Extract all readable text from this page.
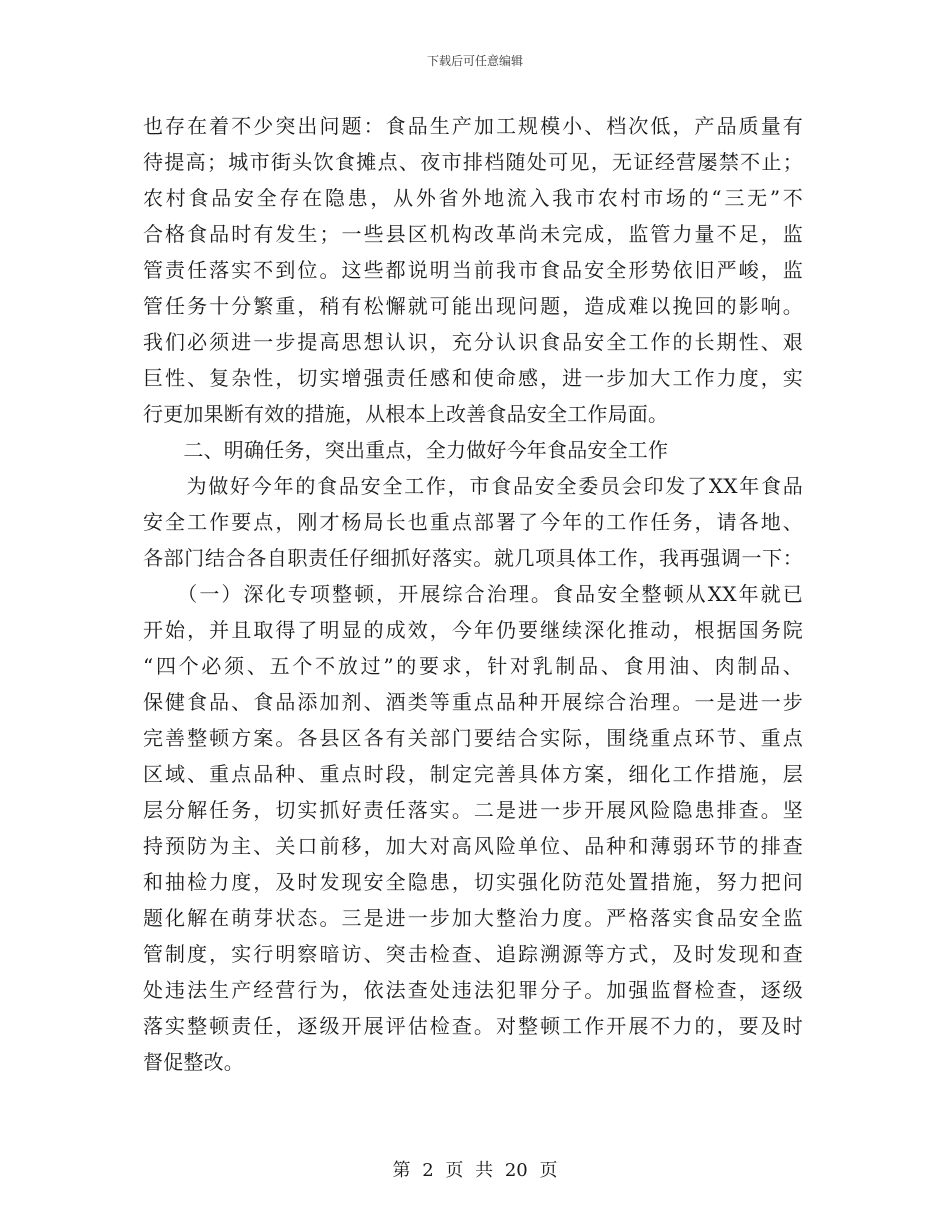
下载后可任意编辑
也存在着不少突出问题：食品生产加工规模小、档次低，产品质量有
待提高；城市街头饮食摊点、夜市排档随处可见，无证经营屡禁不止；
农村食品安全存在隐患，从外省外地流入我市农村市场的“三无”不
合格食品时有发生；一些县区机构改革尚未完成，监管力量不足，监
管责任落实不到位。这些都说明当前我市食品安全形势依旧严峻，监
管任务十分繁重，稍有松懈就可能出现问题，造成难以挽回的影响。
我们必须进一步提高思想认识，充分认识食品安全工作的长期性、艰
巨性、复杂性，切实增强责任感和使命感，进一步加大工作力度，实
行更加果断有效的措施，从根本上改善食品安全工作局面。
　　二、明确任务，突出重点，全力做好今年食品安全工作
　　为做好今年的食品安全工作，市食品安全委员会印发了XX年食品
安全工作要点，刚才杨局长也重点部署了今年的工作任务，请各地、
各部门结合各自职责任仔细抓好落实。就几项具体工作，我再强调一下：
　　（一）深化专项整顿，开展综合治理。食品安全整顿从XX年就已
开始，并且取得了明显的成效，今年仍要继续深化推动，根据国务院
“四个必须、五个不放过”的要求，针对乳制品、食用油、肉制品、
保健食品、食品添加剂、酒类等重点品种开展综合治理。一是进一步
完善整顿方案。各县区各有关部门要结合实际，围绕重点环节、重点
区域、重点品种、重点时段，制定完善具体方案，细化工作措施，层
层分解任务，切实抓好责任落实。二是进一步开展风险隐患排查。坚
持预防为主、关口前移，加大对高风险单位、品种和薄弱环节的排查
和抽检力度，及时发现安全隐患，切实强化防范处置措施，努力把问
题化解在萌芽状态。三是进一步加大整治力度。严格落实食品安全监
管制度，实行明察暗访、突击检查、追踪溯源等方式，及时发现和查
处违法生产经营行为，依法查处违法犯罪分子。加强监督检查，逐级
落实整顿责任，逐级开展评估检查。对整顿工作开展不力的，要及时
督促整改。
第 2 页 共 20 页
